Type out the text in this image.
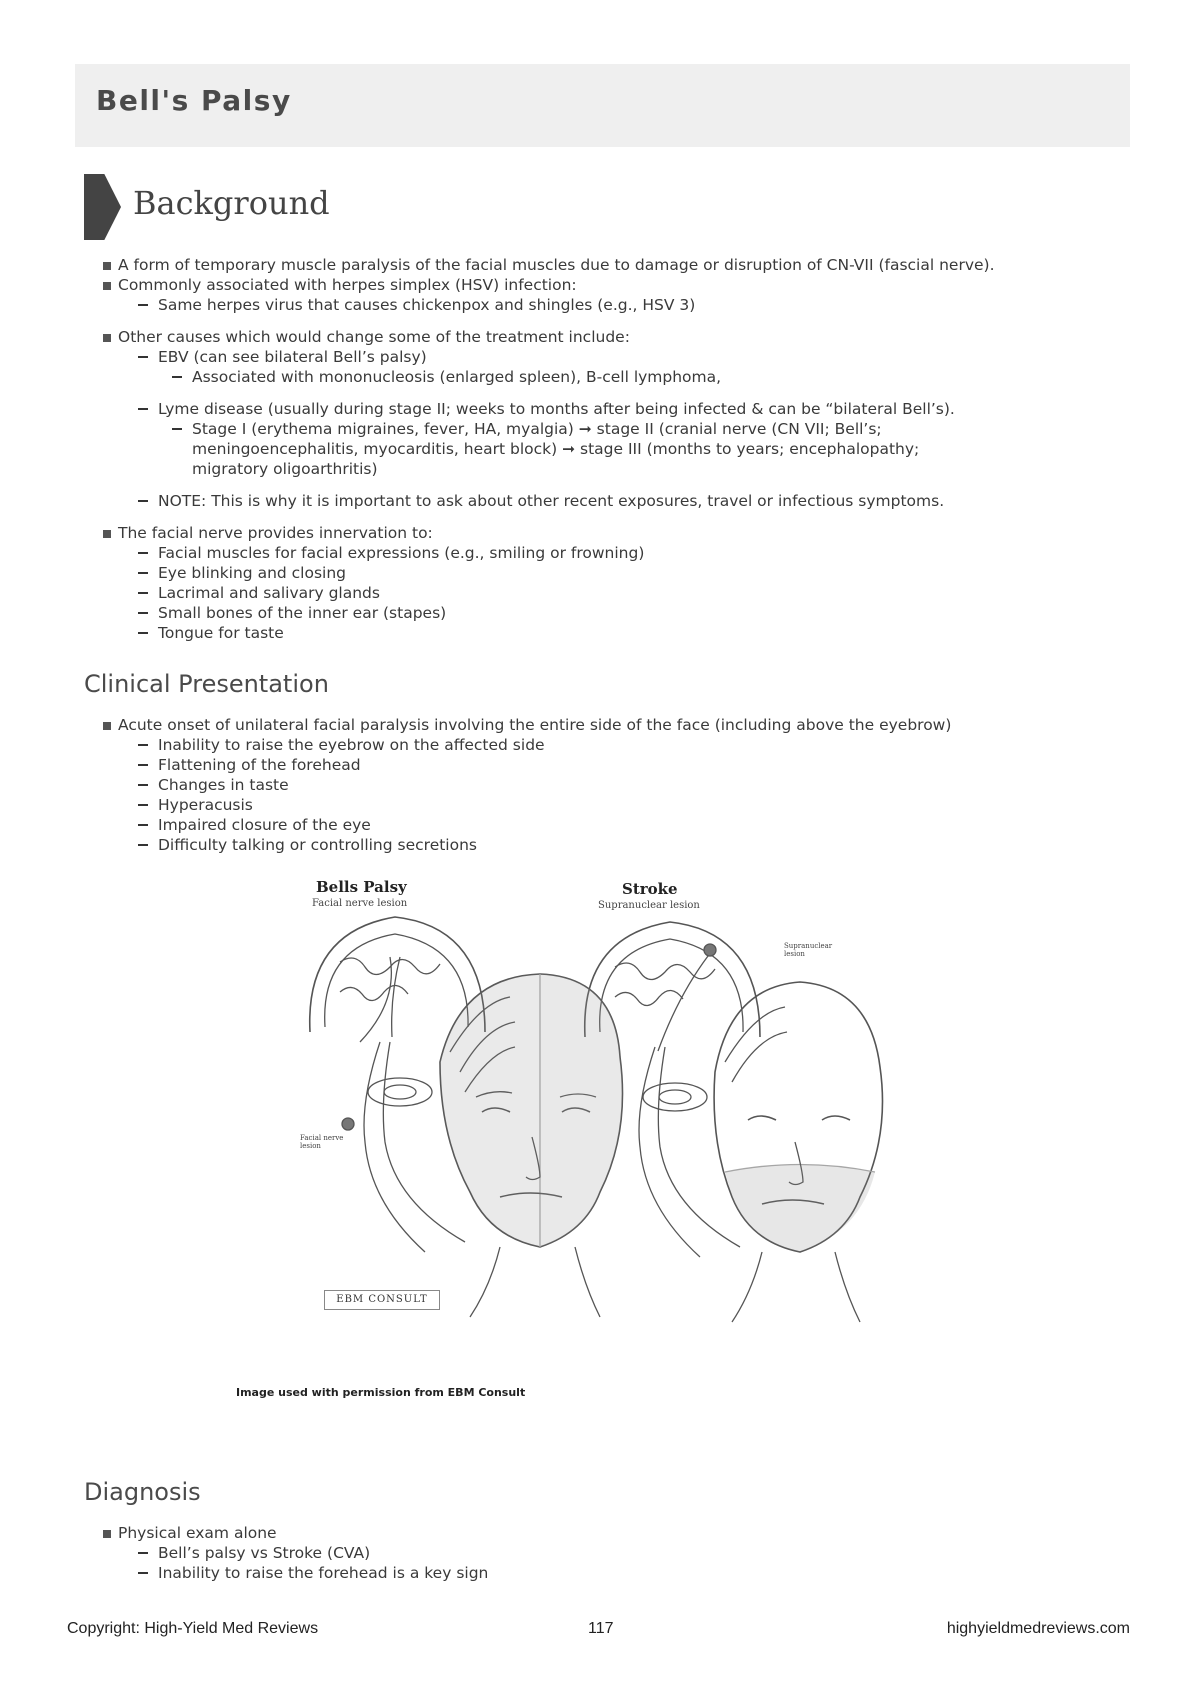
Bell's Palsy
Background
A form of temporary muscle paralysis of the facial muscles due to damage or disruption of CN-VII (fascial nerve).
Commonly associated with herpes simplex (HSV) infection:
Same herpes virus that causes chickenpox and shingles (e.g., HSV 3)
Other causes which would change some of the treatment include:
EBV (can see bilateral Bell’s palsy)
Associated with mononucleosis (enlarged spleen), B-cell lymphoma,
Lyme disease (usually during stage II; weeks to months after being infected & can be “bilateral Bell’s).
Stage I (erythema migraines, fever, HA, myalgia) ➞ stage II (cranial nerve (CN VII; Bell’s; meningoencephalitis, myocarditis, heart block) ➞ stage III (months to years; encephalopathy; migratory oligoarthritis)
NOTE: This is why it is important to ask about other recent exposures, travel or infectious symptoms.
The facial nerve provides innervation to:
Facial muscles for facial expressions (e.g., smiling or frowning)
Eye blinking and closing
Lacrimal and salivary glands
Small bones of the inner ear (stapes)
Tongue for taste
Clinical Presentation
Acute onset of unilateral facial paralysis involving the entire side of the face (including above the eyebrow)
Inability to raise the eyebrow on the affected side
Flattening of the forehead
Changes in taste
Hyperacusis
Impaired closure of the eye
Difficulty talking or controlling secretions
Bells Palsy
Facial nerve lesion
Stroke
Supranuclear lesion
Facial nerve lesion
Supranuclear lesion
EBM CONSULT
Image used with permission from EBM Consult
Diagnosis
Physical exam alone
Bell’s palsy vs Stroke (CVA)
Inability to raise the forehead is a key sign
Copyright: High-Yield Med Reviews	117	highyieldmedreviews.com
